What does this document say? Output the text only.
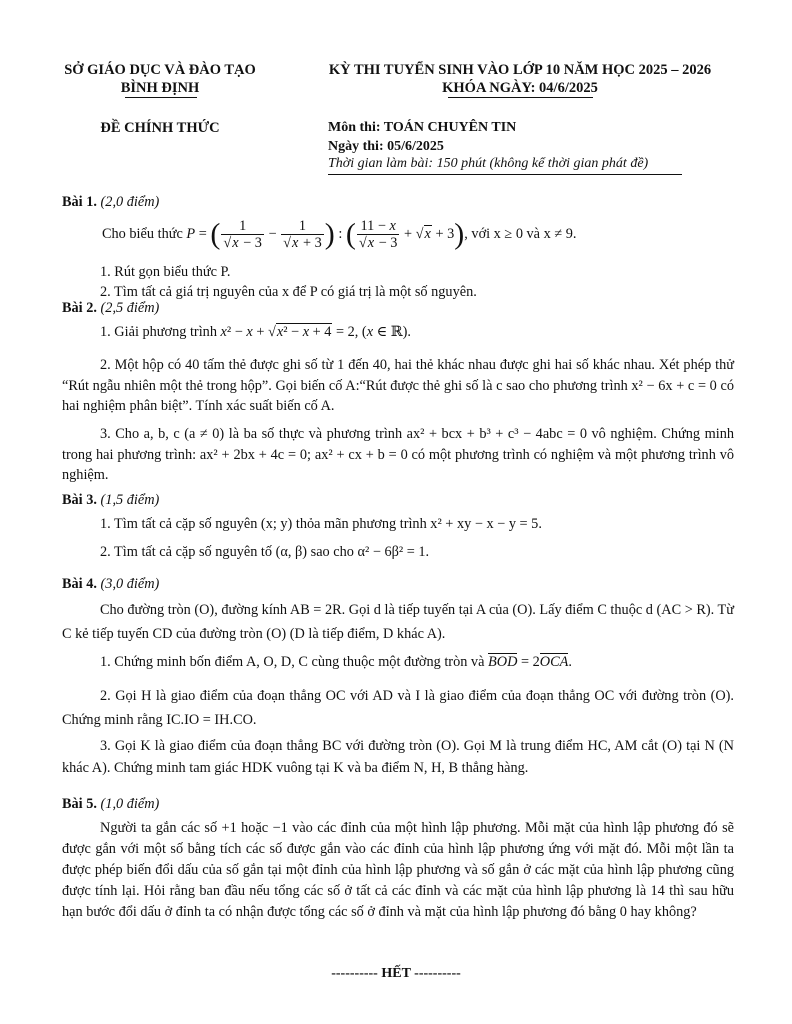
SỞ GIÁO DỤC VÀ ĐÀO TẠO
BÌNH ĐỊNH
KỲ THI TUYỂN SINH VÀO LỚP 10 NĂM HỌC 2025 – 2026
KHÓA NGÀY: 04/6/2025
ĐỀ CHÍNH THỨC	Môn thi: TOÁN CHUYÊN TIN
Ngày thi: 05/6/2025
Thời gian làm bài: 150 phút (không kể thời gian phát đề)
Bài 1. (2,0 điểm)
Cho biểu thức P = ( $\frac{1}{√x - 3} - \frac{1}{√x + 3}$ ) : ( $\frac{11 - x}{√x - 3} + √x + 3$), với x ≥ 0 và x ≠ 9.
1. Rút gọn biểu thức P.
2. Tìm tất cả giá trị nguyên của x để P có giá trị là một số nguyên.
Bài 2. (2,5 điểm)
1. Giải phương trình x² − x + √x² − x + 4 = 2, (x ∈ ℝ).
2. Một hộp có 40 tấm thẻ được ghi số từ 1 đến 40, hai thẻ khác nhau được ghi hai số khác nhau. Xét phép thử “Rút ngẫu nhiên một thẻ trong hộp”. Gọi biến cố A:“Rút được thẻ ghi số là c sao cho phương trình x² − 6x + c = 0 có hai nghiệm phân biệt”. Tính xác suất biến cố A.
3. Cho a, b, c (a ≠ 0) là ba số thực và phương trình ax² + bcx + b³ + c³ − 4abc = 0 vô nghiệm. Chứng minh trong hai phương trình: ax² + 2bx + 4c = 0; ax² + cx + b = 0 có một phương trình có nghiệm và một phương trình vô nghiệm.
Bài 3. (1,5 điểm)
1. Tìm tất cả cặp số nguyên (x; y) thỏa mãn phương trình x² + xy − x − y = 5.
2. Tìm tất cả cặp số nguyên tố (α, β) sao cho α² − 6β² = 1.
Bài 4. (3,0 điểm)
Cho đường tròn (O), đường kính AB = 2R. Gọi d là tiếp tuyến tại A của (O). Lấy điểm C thuộc d (AC > R). Từ C kẻ tiếp tuyến CD của đường tròn (O) (D là tiếp điểm, D khác A).
1. Chứng minh bốn điểm A, O, D, C cùng thuộc một đường tròn và BOD = 2OCA.
2. Gọi H là giao điểm của đoạn thẳng OC với AD và I là giao điểm của đoạn thẳng OC với đường tròn (O). Chứng minh rằng IC.IO = IH.CO.
3. Gọi K là giao điểm của đoạn thẳng BC với đường tròn (O). Gọi M là trung điểm HC, AM cắt (O) tại N (N khác A). Chứng minh tam giác HDK vuông tại K và ba điểm N, H, B thẳng hàng.
Bài 5. (1,0 điểm)
Người ta gắn các số +1 hoặc −1 vào các đỉnh của một hình lập phương. Mỗi mặt của hình lập phương đó sẽ được gắn với một số bằng tích các số được gắn vào các đỉnh của hình lập phương ứng với mặt đó. Mỗi một lần ta được phép biến đổi dấu của số gắn tại một đỉnh của hình lập phương và số gắn ở các mặt của hình lập phương cũng được tính lại. Hỏi rằng ban đầu nếu tổng các số ở tất cả các đỉnh và các mặt của hình lập phương là 14 thì sau hữu hạn bước đổi dấu ở đỉnh ta có nhận được tổng các số ở đỉnh và mặt của hình lập phương đó bằng 0 hay không?
---------- HẾT ----------
